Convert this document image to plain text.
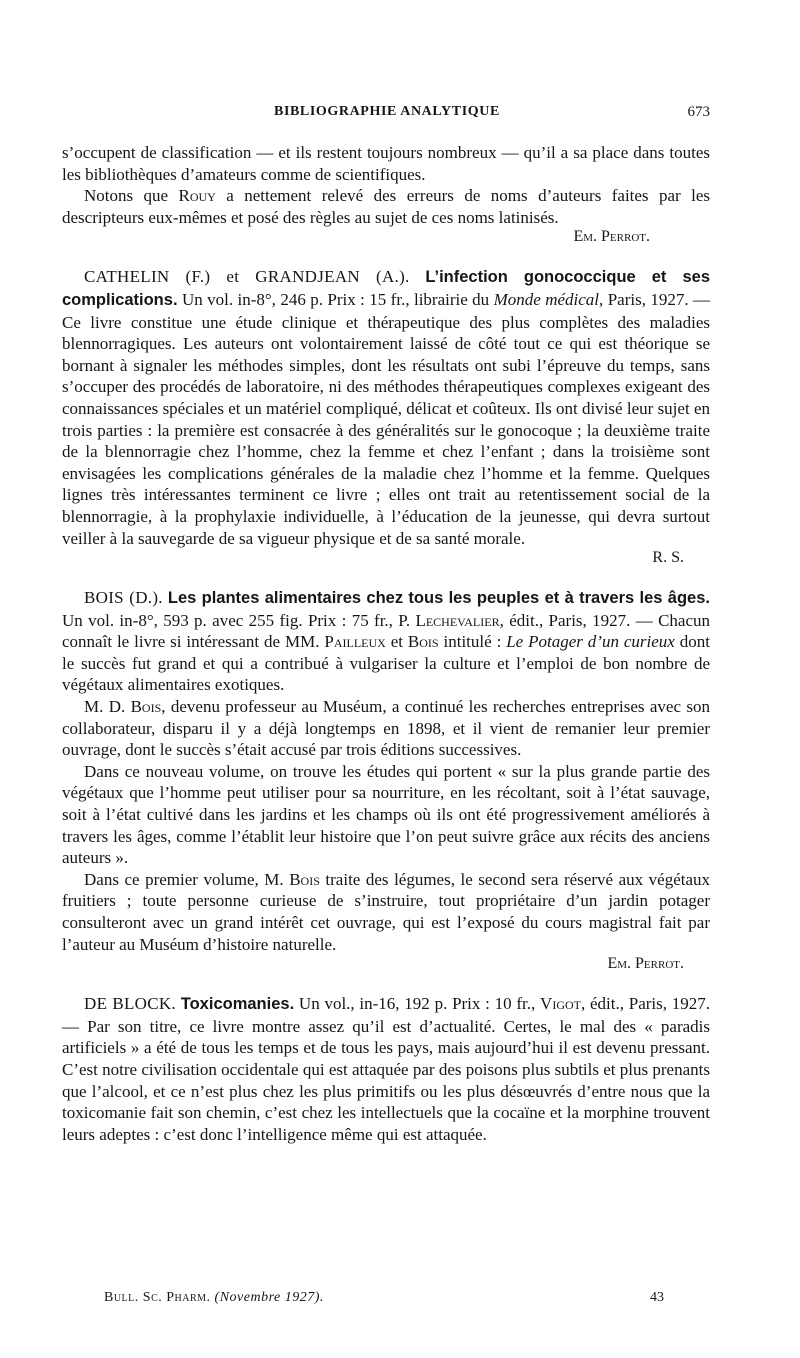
BIBLIOGRAPHIE ANALYTIQUE	673

s’occupent de classification — et ils restent toujours nombreux — qu’il a sa place dans toutes les bibliothèques d’amateurs comme de scientifiques.

Notons que Rouy a nettement relevé des erreurs de noms d’auteurs faites par les descripteurs eux-mêmes et posé des règles au sujet de ces noms latinisés.

Em. Perrot.

CATHELIN (F.) et GRANDJEAN (A.). L’infection gonococcique et ses complications. Un vol. in-8°, 246 p. Prix : 15 fr., librairie du Monde médical, Paris, 1927. — Ce livre constitue une étude clinique et thérapeutique des plus complètes des maladies blennorragiques. Les auteurs ont volontairement laissé de côté tout ce qui est théorique se bornant à signaler les méthodes simples, dont les résultats ont subi l’épreuve du temps, sans s’occuper des procédés de laboratoire, ni des méthodes thérapeutiques complexes exigeant des connaissances spéciales et un matériel compliqué, délicat et coûteux. Ils ont divisé leur sujet en trois parties : la première est consacrée à des généralités sur le gonocoque ; la deuxième traite de la blennorragie chez l’homme, chez la femme et chez l’enfant ; dans la troisième sont envisagées les complications générales de la maladie chez l’homme et la femme. Quelques lignes très intéressantes terminent ce livre ; elles ont trait au retentissement social de la blennorragie, à la prophylaxie individuelle, à l’éducation de la jeunesse, qui devra surtout veiller à la sauvegarde de sa vigueur physique et de sa santé morale.

R. S.

BOIS (D.). Les plantes alimentaires chez tous les peuples et à travers les âges. Un vol. in-8°, 593 p. avec 255 fig. Prix : 75 fr., P. Lechevalier, édit., Paris, 1927. — Chacun connaît le livre si intéressant de MM. Pailleux et Bois intitulé : Le Potager d’un curieux dont le succès fut grand et qui a contribué à vulgariser la culture et l’emploi de bon nombre de végétaux alimentaires exotiques.

M. D. Bois, devenu professeur au Muséum, a continué les recherches entreprises avec son collaborateur, disparu il y a déjà longtemps en 1898, et il vient de remanier leur premier ouvrage, dont le succès s’était accusé par trois éditions successives.

Dans ce nouveau volume, on trouve les études qui portent « sur la plus grande partie des végétaux que l’homme peut utiliser pour sa nourriture, en les récoltant, soit à l’état sauvage, soit à l’état cultivé dans les jardins et les champs où ils ont été progressivement améliorés à travers les âges, comme l’établit leur histoire que l’on peut suivre grâce aux récits des anciens auteurs ».

Dans ce premier volume, M. Bois traite des légumes, le second sera réservé aux végétaux fruitiers ; toute personne curieuse de s’instruire, tout propriétaire d’un jardin potager consulteront avec un grand intérêt cet ouvrage, qui est l’exposé du cours magistral fait par l’auteur au Muséum d’histoire naturelle.

Em. Perrot.

DE BLOCK. Toxicomanies. Un vol., in-16, 192 p. Prix : 10 fr., Vigot, édit., Paris, 1927. — Par son titre, ce livre montre assez qu’il est d’actualité. Certes, le mal des « paradis artificiels » a été de tous les temps et de tous les pays, mais aujourd’hui il est devenu pressant. C’est notre civilisation occidentale qui est attaquée par des poisons plus subtils et plus prenants que l’alcool, et ce n’est plus chez les plus primitifs ou les plus désœuvrés d’entre nous que la toxicomanie fait son chemin, c’est chez les intellectuels que la cocaïne et la morphine trouvent leurs adeptes : c’est donc l’intelligence même qui est attaquée.

Bull. Sc. Pharm. (Novembre 1927).	43
